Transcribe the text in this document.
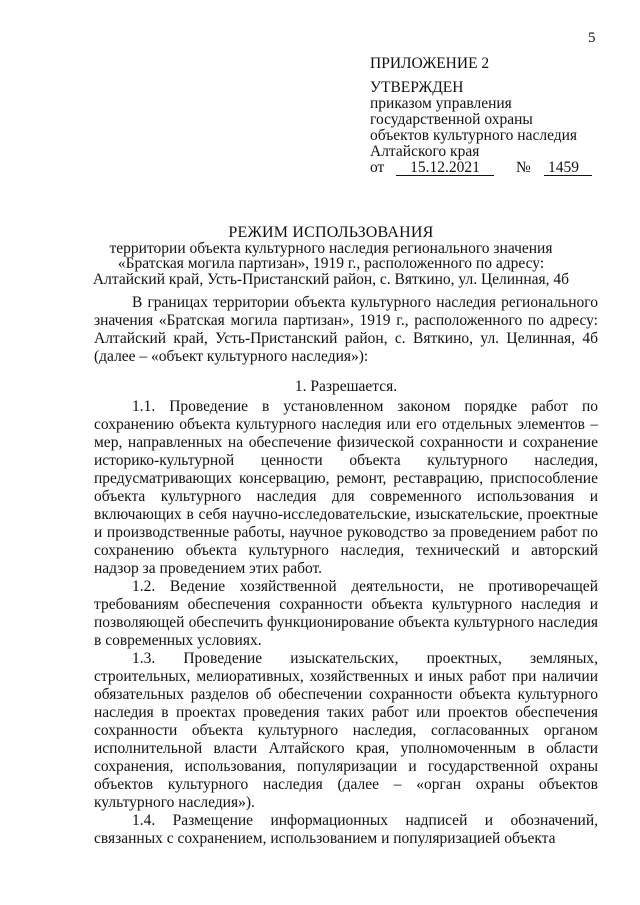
5
ПРИЛОЖЕНИЕ 2
УТВЕРЖДЕН
приказом управления
государственной охраны
объектов культурного наследия
Алтайского края
от	15.12.2021	№	1459
РЕЖИМ ИСПОЛЬЗОВАНИЯ
территории объекта культурного наследия регионального значения
«Братская могила партизан», 1919 г., расположенного по адресу:
Алтайский край, Усть-Пристанский район, с. Вяткино, ул. Целинная, 4б

В границах территории объекта культурного наследия регионального значения «Братская могила партизан», 1919 г., расположенного по адресу: Алтайский край, Усть-Пристанский район, с. Вяткино, ул. Целинная, 4б (далее – «объект культурного наследия»):

1. Разрешается.

1.1. Проведение в установленном законом порядке работ по сохранению объекта культурного наследия или его отдельных элементов – мер, направленных на обеспечение физической сохранности и сохранение историко-культурной ценности объекта культурного наследия, предусматривающих консервацию, ремонт, реставрацию, приспособление объекта культурного наследия для современного использования и включающих в себя научно-исследовательские, изыскательские, проектные и производственные работы, научное руководство за проведением работ по сохранению объекта культурного наследия, технический и авторский надзор за проведением этих работ.

1.2. Ведение хозяйственной деятельности, не противоречащей требованиям обеспечения сохранности объекта культурного наследия и позволяющей обеспечить функционирование объекта культурного наследия в современных условиях.

1.3. Проведение изыскательских, проектных, земляных, строительных, мелиоративных, хозяйственных и иных работ при наличии обязательных разделов об обеспечении сохранности объекта культурного наследия в проектах проведения таких работ или проектов обеспечения сохранности объекта культурного наследия, согласованных органом исполнительной власти Алтайского края, уполномоченным в области сохранения, использования, популяризации и государственной охраны объектов культурного наследия (далее – «орган охраны объектов культурного наследия»).

1.4. Размещение информационных надписей и обозначений, связанных с сохранением, использованием и популяризацией объекта
